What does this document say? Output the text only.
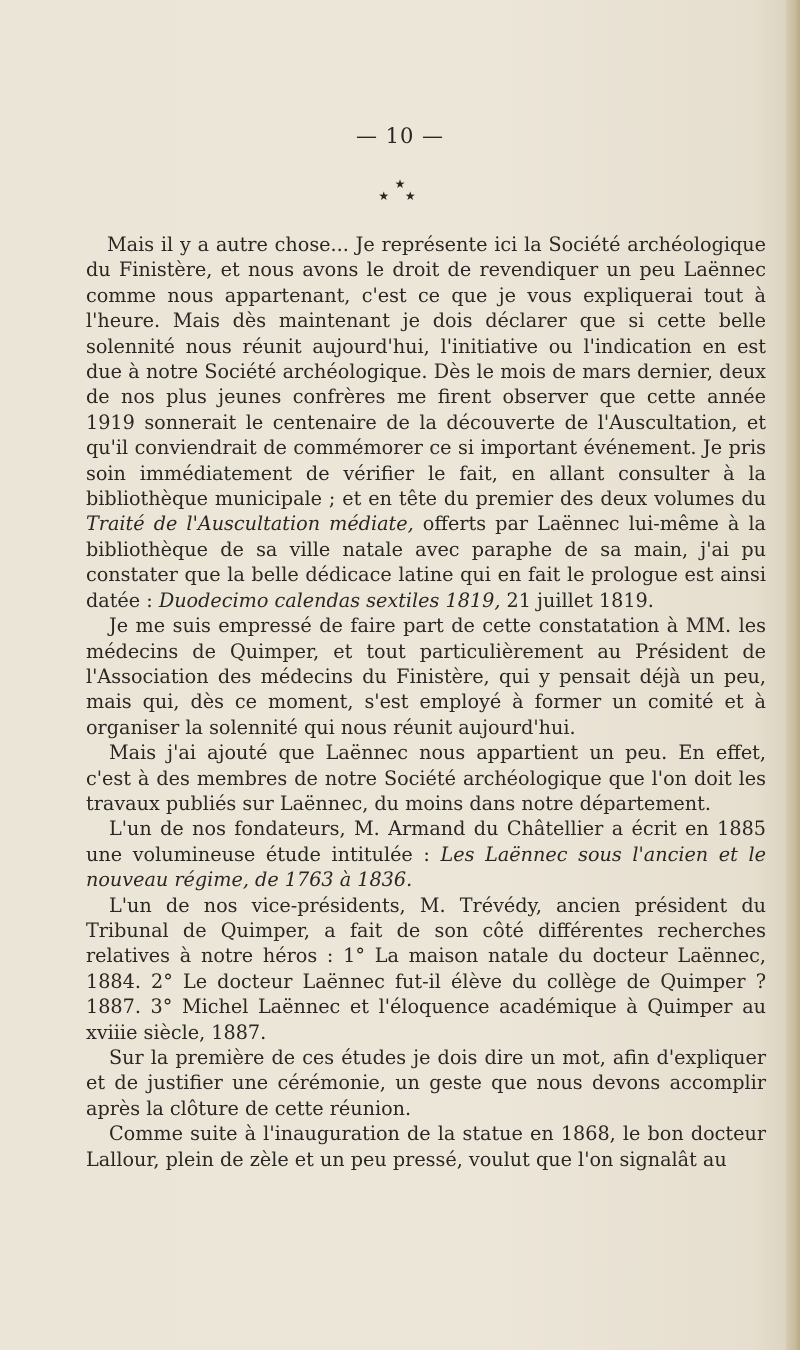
— 10 —
★
★ ★

Mais il y a autre chose... Je représente ici la Société archéologique du Finistère, et nous avons le droit de revendiquer un peu Laënnec comme nous appartenant, c'est ce que je vous expliquerai tout à l'heure. Mais dès maintenant je dois déclarer que si cette belle solennité nous réunit aujourd'hui, l'initiative ou l'indication en est due à notre Société archéologique. Dès le mois de mars dernier, deux de nos plus jeunes confrères me firent observer que cette année 1919 sonnerait le centenaire de la découverte de l'Auscultation, et qu'il conviendrait de commémorer ce si important événement. Je pris soin immédiatement de vérifier le fait, en allant consulter à la bibliothèque municipale ; et en tête du premier des deux volumes du Traité de l'Auscultation médiate, offerts par Laënnec lui-même à la bibliothèque de sa ville natale avec paraphe de sa main, j'ai pu constater que la belle dédicace latine qui en fait le prologue est ainsi datée : Duodecimo calendas sextiles 1819, 21 juillet 1819.

Je me suis empressé de faire part de cette constatation à MM. les médecins de Quimper, et tout particulièrement au Président de l'Association des médecins du Finistère, qui y pensait déjà un peu, mais qui, dès ce moment, s'est employé à former un comité et à organiser la solennité qui nous réunit aujourd'hui.

Mais j'ai ajouté que Laënnec nous appartient un peu. En effet, c'est à des membres de notre Société archéologique que l'on doit les travaux publiés sur Laënnec, du moins dans notre département.

L'un de nos fondateurs, M. Armand du Châtellier a écrit en 1885 une volumineuse étude intitulée : Les Laënnec sous l'ancien et le nouveau régime, de 1763 à 1836.

L'un de nos vice-présidents, M. Trévédy, ancien président du Tribunal de Quimper, a fait de son côté différentes recherches relatives à notre héros : 1° La maison natale du docteur Laënnec, 1884. 2° Le docteur Laënnec fut-il élève du collège de Quimper ? 1887. 3° Michel Laënnec et l'éloquence académique à Quimper au xviiie siècle, 1887.

Sur la première de ces études je dois dire un mot, afin d'expliquer et de justifier une cérémonie, un geste que nous devons accomplir après la clôture de cette réunion.

Comme suite à l'inauguration de la statue en 1868, le bon docteur Lallour, plein de zèle et un peu pressé, voulut que l'on signalât au
